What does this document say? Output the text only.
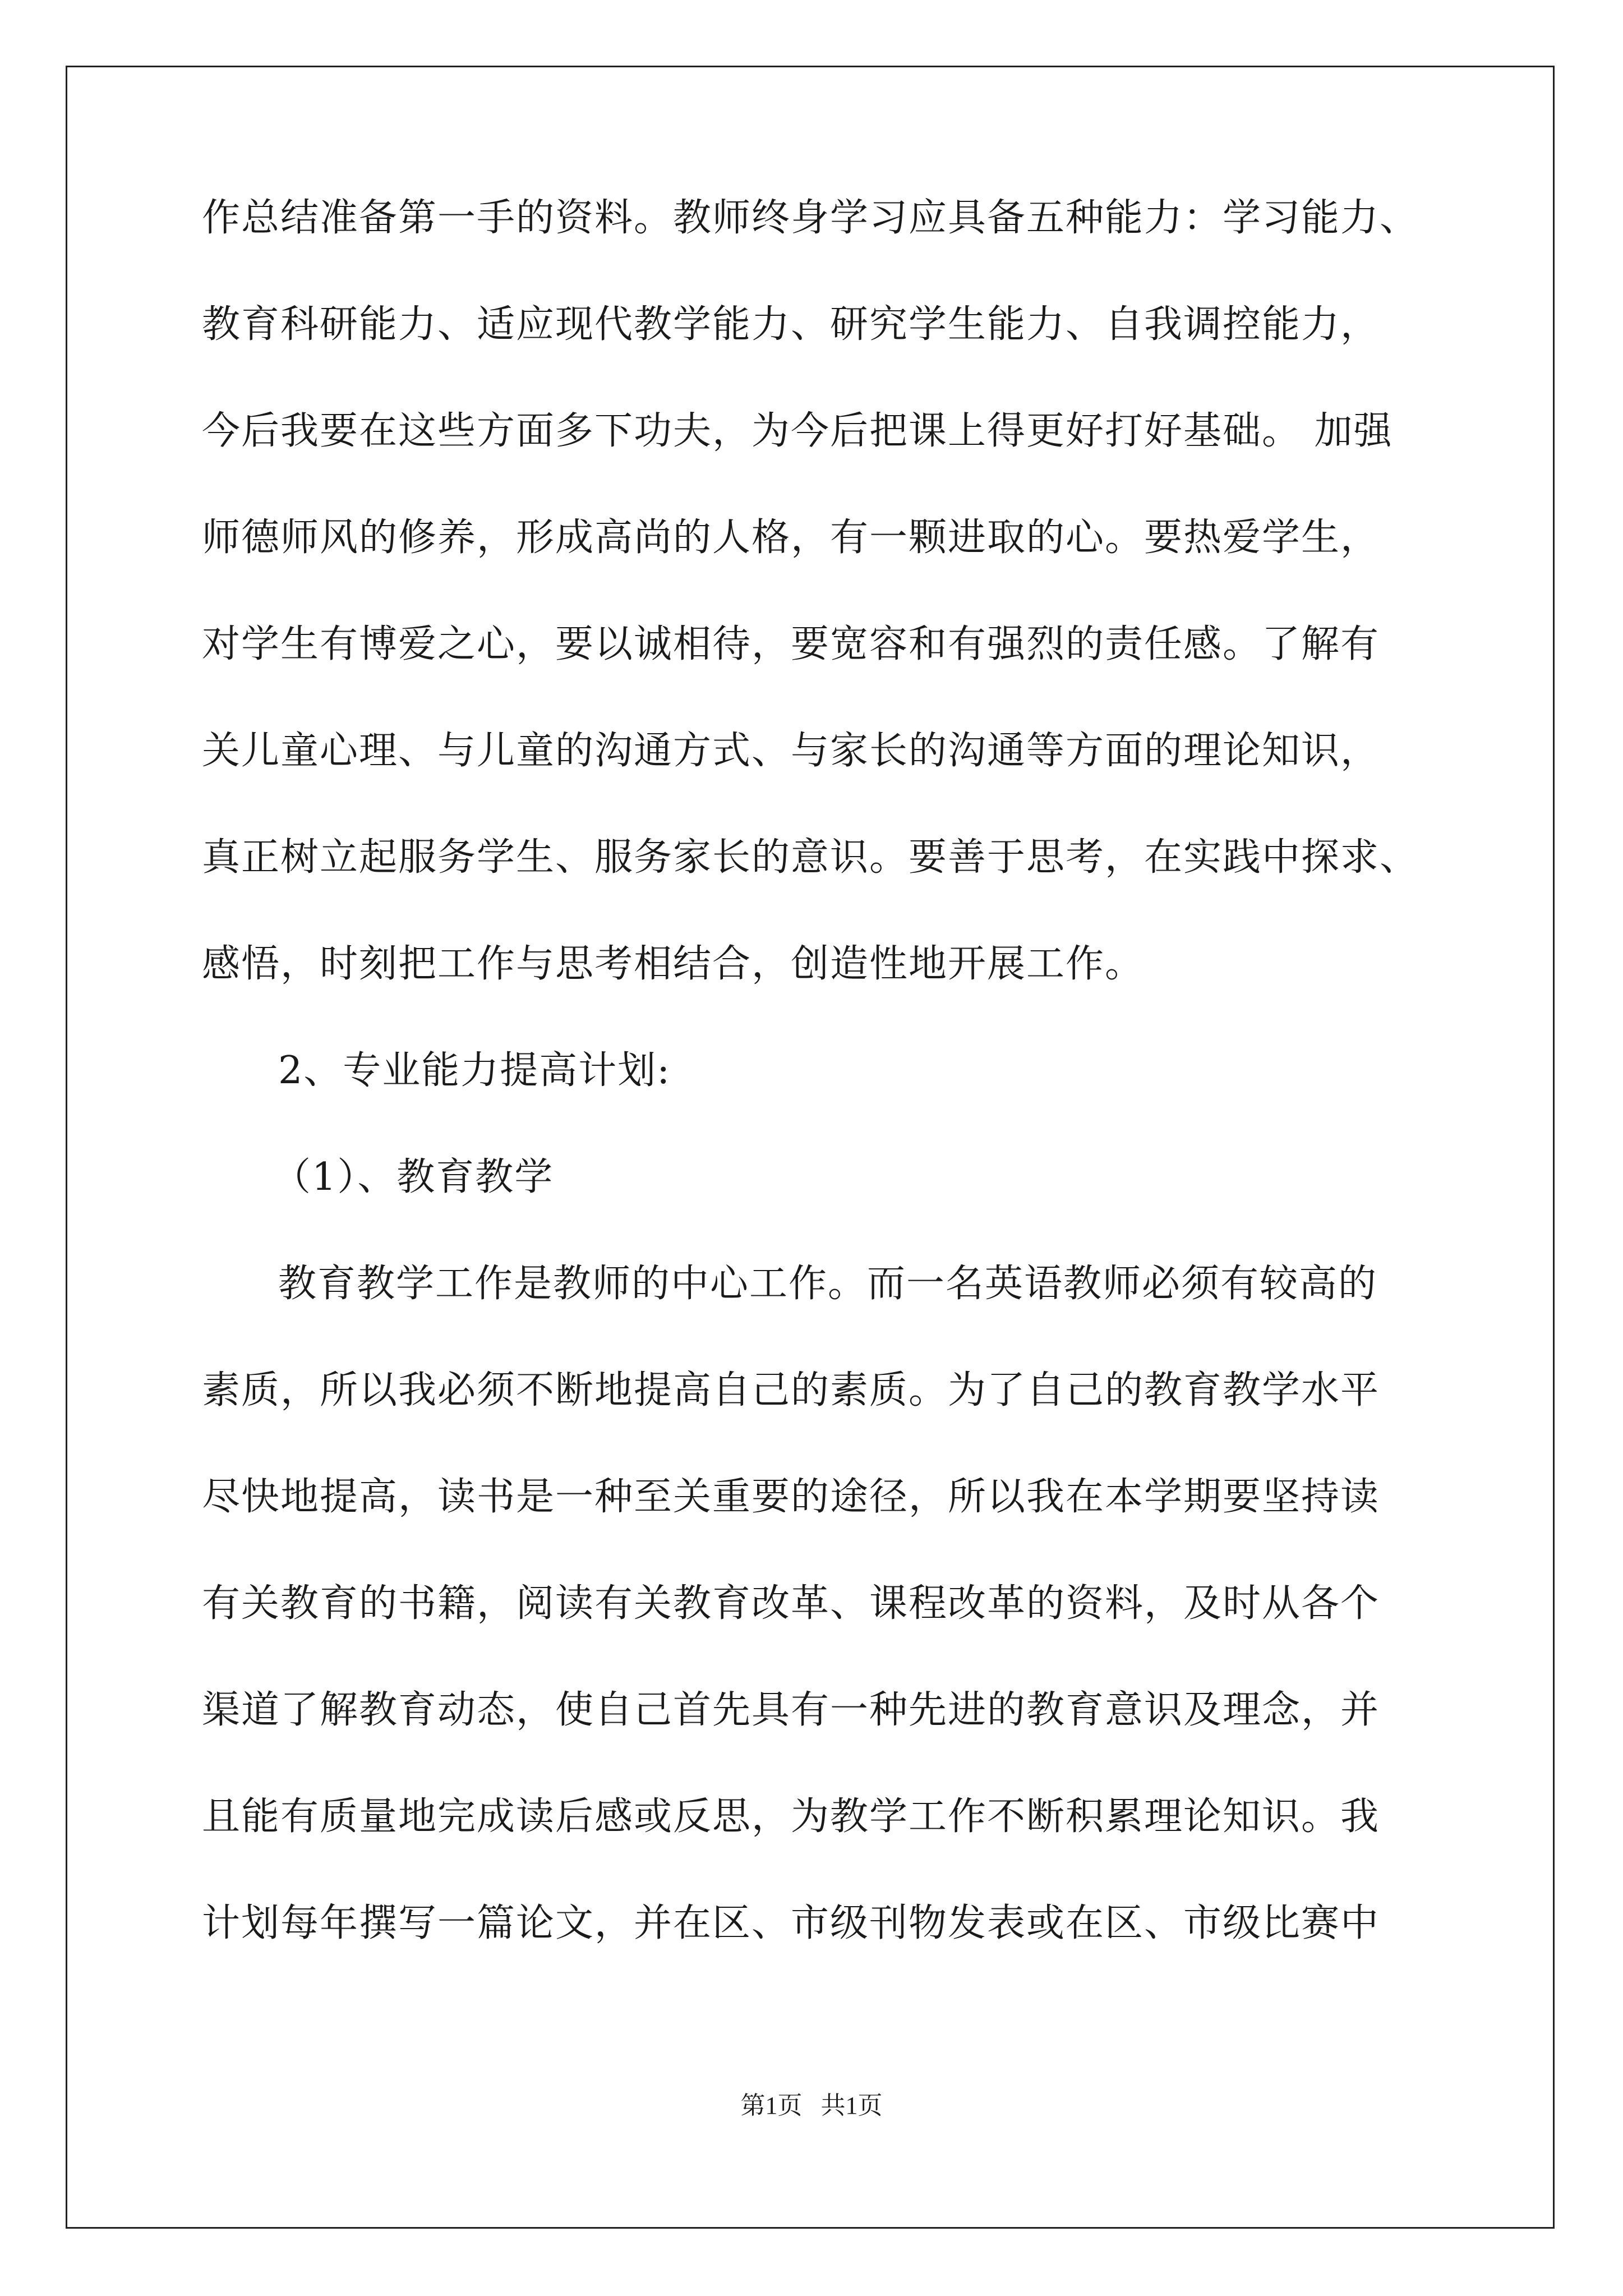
作总结准备第一手的资料。教师终身学习应具备五种能力：学习能力、
教育科研能力、适应现代教学能力、研究学生能力、自我调控能力，
今后我要在这些方面多下功夫，为今后把课上得更好打好基础。 加强
师德师风的修养，形成高尚的人格，有一颗进取的心。要热爱学生，
对学生有博爱之心，要以诚相待，要宽容和有强烈的责任感。了解有
关儿童心理、与儿童的沟通方式、与家长的沟通等方面的理论知识，
真正树立起服务学生、服务家长的意识。要善于思考，在实践中探求、
感悟，时刻把工作与思考相结合，创造性地开展工作。
2、专业能力提高计划:
（1）、教育教学
教育教学工作是教师的中心工作。而一名英语教师必须有较高的
素质，所以我必须不断地提高自己的素质。为了自己的教育教学水平
尽快地提高，读书是一种至关重要的途径，所以我在本学期要坚持读
有关教育的书籍，阅读有关教育改革、课程改革的资料，及时从各个
渠道了解教育动态，使自己首先具有一种先进的教育意识及理念，并
且能有质量地完成读后感或反思，为教学工作不断积累理论知识。我
计划每年撰写一篇论文，并在区、市级刊物发表或在区、市级比赛中
第1页   共1页
